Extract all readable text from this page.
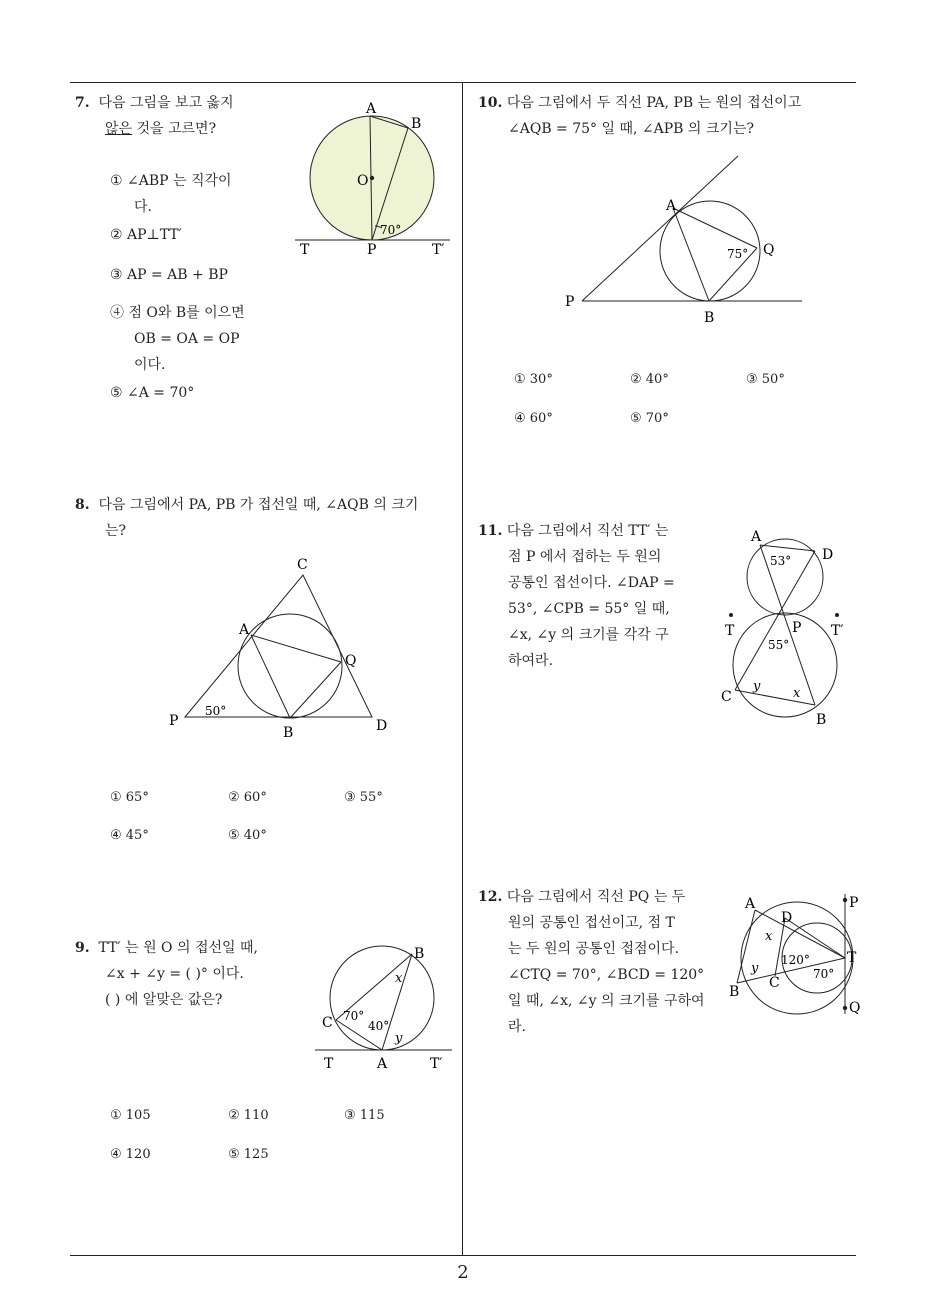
7. 다음 그림을 보고 옳지
않은 것을 고르면?
① ∠ABP 는 직각이
다.
② AP⊥TT′
③ AP = AB + BP
④ 점 O와 B를 이으면
OB = OA = OP
이다.
⑤ ∠A = 70°
A
B
O
70°
T	P	T′
8. 다음 그림에서 PA, PB 가 접선일 때, ∠AQB 의 크기
는?
C
A
Q
50°
P
B	D
① 65°	② 60°	③ 55°
④ 45°	⑤ 40°
9. TT′ 는 원 O 의 접선일 때,
∠x + ∠y = ( )° 이다.
( ) 에 알맞은 값은?
B
x
70°
40°
C
y
T	A	T′
① 105	② 110	③ 115
④ 120	⑤ 125
10. 다음 그림에서 두 직선 PA, PB 는 원의 접선이고
∠AQB = 75° 일 때, ∠APB 의 크기는?
A
75° Q
P
B
① 30°	② 40°	③ 50°
④ 60°	⑤ 70°
11. 다음 그림에서 직선 TT′ 는
점 P 에서 접하는 두 원의
공통인 접선이다. ∠DAP =
53°, ∠CPB = 55° 일 때,
∠x, ∠y 의 크기를 각각 구
하여라.
A
D
53°
T	P T′
55°
y
C	x
B
12. 다음 그림에서 직선 PQ 는 두
원의 공통인 접선이고, 점 T
는 두 원의 공통인 접점이다.
∠CTQ = 70°, ∠BCD = 120°
일 때, ∠x, ∠y 의 크기를 구하여
라.
A
D
P
x
120°	T
y	70°
C
B
Q
2
